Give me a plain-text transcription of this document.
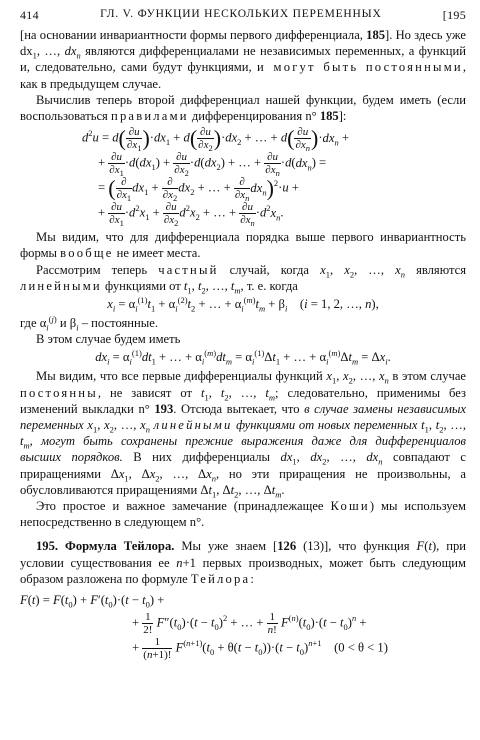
414	ГЛ. V. ФУНКЦИИ НЕСКОЛЬКИХ ПЕРЕМЕННЫХ	[195

[на основании инвариантности формы первого дифференциала, 185]. Но здесь уже $dx_1$, …, $dx_n$ являются дифференциалами не независимых переменных, а функций и, следовательно, сами будут функциями, и могут быть постоянными, как в предыдущем случае.

Вычислив теперь второй дифференциал нашей функции, будем иметь (если воспользоваться правилами дифференцирования n° 185]:

$d^2u = d( \frac{\partial u}{\partial x_1} )\cdot dx_1 + d( \frac{\partial u}{\partial x_2} )\cdot dx_2$ + … + $d( \frac{\partial u}{\partial x_n} )\cdot dx_n$ +
+ $\frac{\partial u}{\partial x_1} \cdot d(dx_1) + \frac{\partial u}{\partial x_2} \cdot d(dx_2)$ + … + $\frac{\partial u}{\partial x_n} \cdot d(dx_n)$ =
= ( $\frac{\partial}{\partial x_1} dx_1 + \frac{\partial}{\partial x_2} dx_2$ + … + $\frac{\partial}{\partial x_n} dx_n)^2\cdot u$ +
+ $\frac{\partial u}{\partial x_1} \cdot d^2x_1 + \frac{\partial u}{\partial x_2} d^2x_2$ + … + $\frac{\partial u}{\partial x_n} \cdot d^2x_n$.

Мы видим, что для дифференциала порядка выше первого инвариантность формы вообще не имеет места.

Рассмотрим теперь частный случай, когда $x_1$, $x_2$, …, $x_n$ являются линейными функциями от $t_1$, $t_2$, …, $t_m$, т. е. когда

$x_i = \alpha_i^{(1)}t_1 + \alpha_i^{(2)}t_2$ + … + $\alpha_i^{(m)}t_m + \beta_i$    (i = 1, 2, …, n),

где $\alpha_i^{(j)}$ и $\beta_i$ – постоянные.

В этом случае будем иметь

$dx_i = \alpha_i^{(1)}dt_1$ + … + $\alpha_i^{(m)}dt_m = \alpha_i^{(1)}\Delta t_1$ + … + $\alpha_i^{(m)}\Delta t_m = \Delta x_i$.

Мы видим, что все первые дифференциалы функций $x_1$, $x_2$, …, $x_n$ в этом случае постоянны, не зависят от $t_1$, $t_2$, …, $t_m$; следовательно, применимы без изменений выкладки n° 193. Отсюда вытекает, что в случае замены независимых переменных $x_1$, $x_2$, …, $x_n$ линейными функциями от новых переменных $t_1$, $t_2$, …, $t_m$, могут быть сохранены прежние выражения даже для дифференциалов высших порядков. В них дифференциалы $dx_1$, $dx_2$, …, $dx_n$ совпадают с приращениями $\Delta x_1$, $\Delta x_2$, …, $\Delta x_n$, но эти приращения не произвольны, а обусловливаются приращениями $\Delta t_1$, $\Delta t_2$, …, $\Delta t_m$.

Это простое и важное замечание (принадлежащее Коши) мы используем непосредственно в следующем n°.

195. Формула Тейлора. Мы уже знаем [126 (13)], что функция F(t), при условии существования ее n+1 первых производных, может быть следующим образом разложена по формуле Тейлора:

$F(t) = F(t_0) + F'(t_0)\cdot(t - t_0)$ +
+ $\frac{1}{2!} F''(t_0)\cdot(t - t_0)^2$ + … + $\frac{1}{n!} F^{(n)}(t_0)\cdot(t - t_0)^n$ +
+ $\frac{1}{(n+1)!} F^{(n+1)}(t_0 + \theta(t - t_0))\cdot(t - t_0)^{n+1}$ (0 < θ < 1)
